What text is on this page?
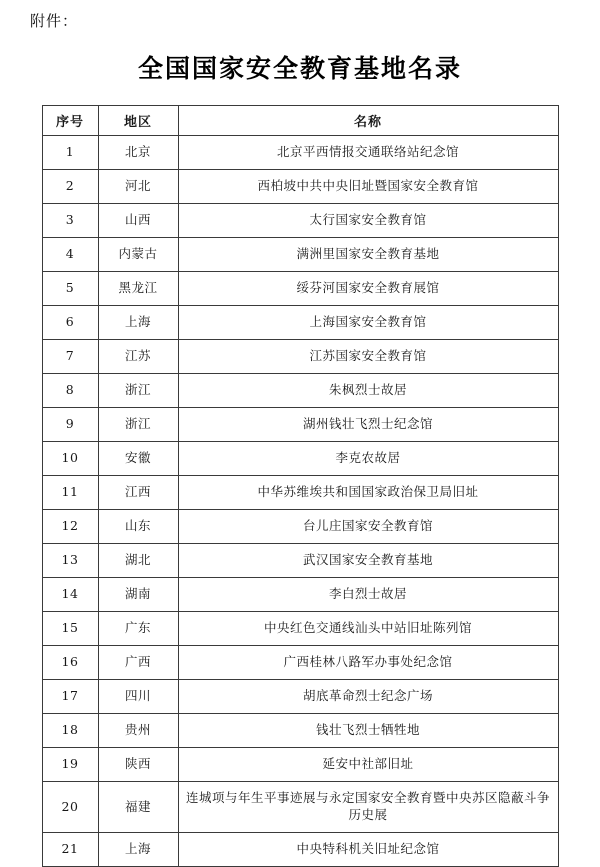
附件：
全国国家安全教育基地名录
序号	地区	名称
1	北京	北京平西情报交通联络站纪念馆
2	河北	西柏坡中共中央旧址暨国家安全教育馆
3	山西	太行国家安全教育馆
4	内蒙古	满洲里国家安全教育基地
5	黑龙江	绥芬河国家安全教育展馆
6	上海	上海国家安全教育馆
7	江苏	江苏国家安全教育馆
8	浙江	朱枫烈士故居
9	浙江	湖州钱壮飞烈士纪念馆
10	安徽	李克农故居
11	江西	中华苏维埃共和国国家政治保卫局旧址
12	山东	台儿庄国家安全教育馆
13	湖北	武汉国家安全教育基地
14	湖南	李白烈士故居
15	广东	中央红色交通线汕头中站旧址陈列馆
16	广西	广西桂林八路军办事处纪念馆
17	四川	胡底革命烈士纪念广场
18	贵州	钱壮飞烈士牺牲地
19	陕西	延安中社部旧址
20	福建	连城项与年生平事迹展与永定国家安全教育暨中央苏区隐蔽斗争历史展
21	上海	中央特科机关旧址纪念馆
